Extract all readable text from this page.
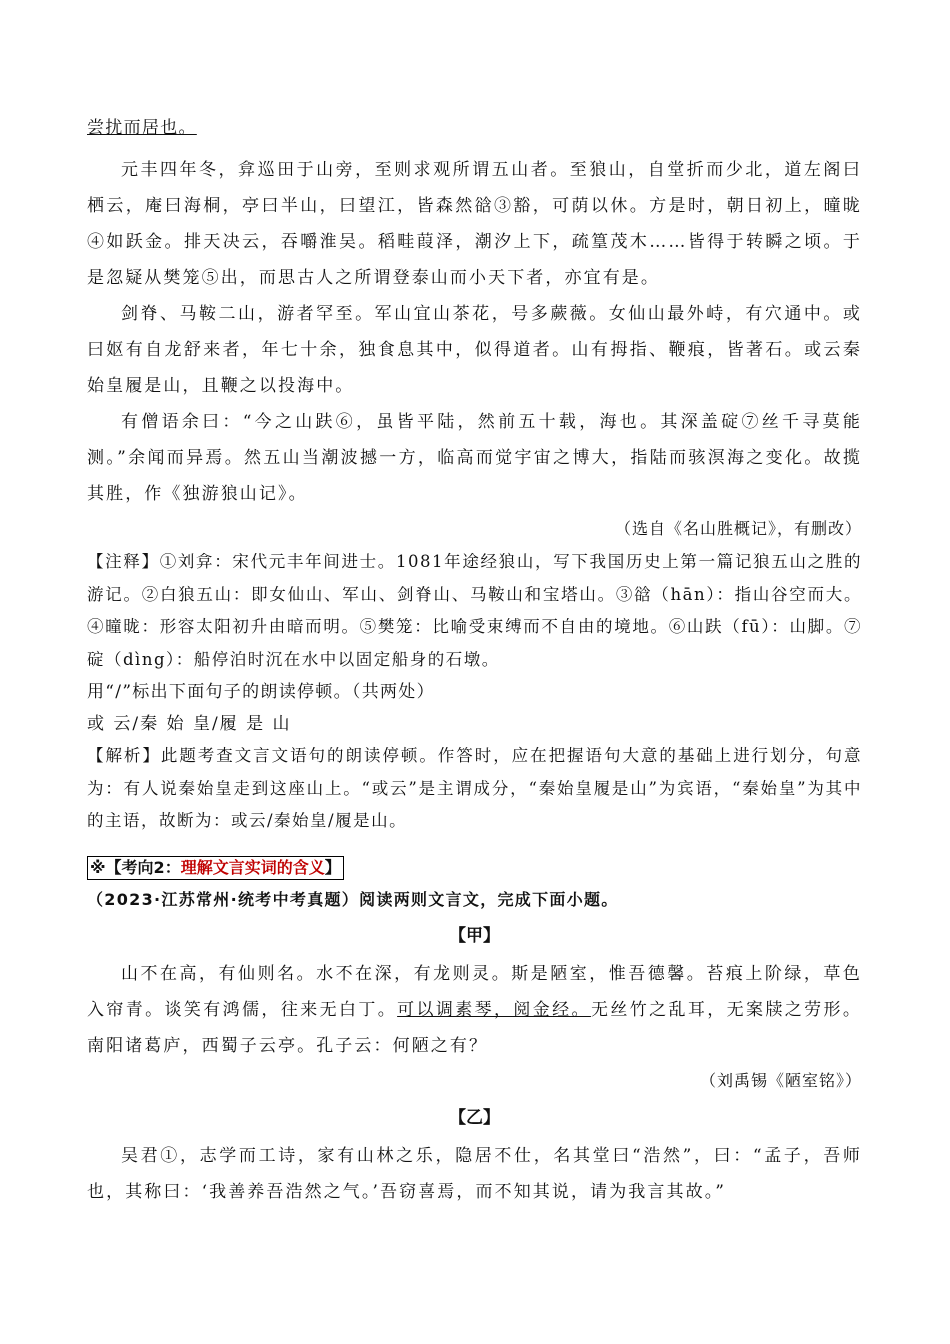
尝扰而居也。

元丰四年冬，弇巡田于山旁，至则求观所谓五山者。至狼山，自堂折而少北，道左阁曰栖云，庵曰海桐，亭曰半山，曰望江，皆森然谽③豁，可荫以休。方是时，朝日初上，曈昽④如跃金。排天决云，吞嚼淮吴。稻畦葭泽，潮汐上下，疏篁茂木……皆得于转瞬之顷。于是忽疑从樊笼⑤出，而思古人之所谓登泰山而小天下者，亦宜有是。

剑脊、马鞍二山，游者罕至。军山宜山茶花，号多蕨薇。女仙山最外峙，有穴通中。或曰妪有自龙舒来者，年七十余，独食息其中，似得道者。山有拇指、鞭痕，皆著石。或云秦始皇履是山，且鞭之以投海中。

有僧语余曰：“今之山趺⑥，虽皆平陆，然前五十载，海也。其深盖碇⑦丝千寻莫能测。”余闻而异焉。然五山当潮波撼一方，临高而觉宇宙之博大，指陆而骇溟海之变化。故揽其胜，作《独游狼山记》。

（选自《名山胜概记》，有删改）

【注释】①刘弇：宋代元丰年间进士。1081年途经狼山，写下我国历史上第一篇记狼五山之胜的游记。②白狼五山：即女仙山、军山、剑脊山、马鞍山和宝塔山。③谽（hān）：指山谷空而大。④曈昽：形容太阳初升由暗而明。⑤樊笼：比喻受束缚而不自由的境地。⑥山趺（fū）：山脚。⑦碇（dìng）：船停泊时沉在水中以固定船身的石墩。

用“/”标出下面句子的朗读停顿。（共两处）
或 云/秦 始 皇/履 是 山

【解析】此题考查文言文语句的朗读停顿。作答时，应在把握语句大意的基础上进行划分，句意为：有人说秦始皇走到这座山上。“或云”是主谓成分，“秦始皇履是山”为宾语，“秦始皇”为其中的主语，故断为：或云/秦始皇/履是山。

※【考向2：理解文言实词的含义】
（2023·江苏常州·统考中考真题）阅读两则文言文，完成下面小题。
【甲】

山不在高，有仙则名。水不在深，有龙则灵。斯是陋室，惟吾德馨。苔痕上阶绿，草色入帘青。谈笑有鸿儒，往来无白丁。可以调素琴，阅金经。无丝竹之乱耳，无案牍之劳形。南阳诸葛庐，西蜀子云亭。孔子云：何陋之有？

（刘禹锡《陋室铭》）

【乙】

吴君①，志学而工诗，家有山林之乐，隐居不仕，名其堂曰“浩然”，曰：“孟子，吾师也，其称曰：‘我善养吾浩然之气。’吾窃喜焉，而不知其说，请为我言其故。”
